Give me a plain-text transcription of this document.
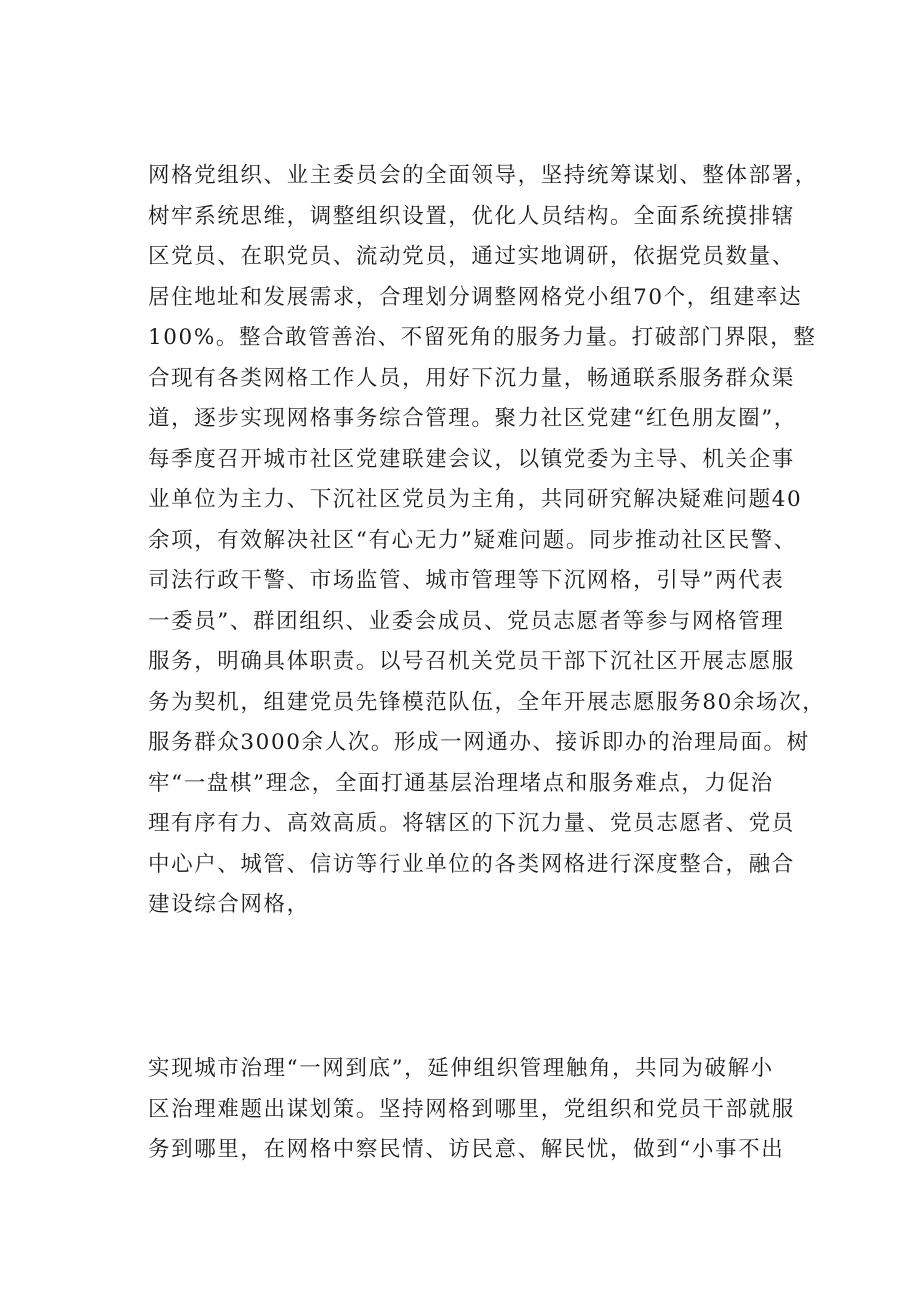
网格党组织、业主委员会的全面领导，坚持统筹谋划、整体部署，
树牢系统思维，调整组织设置，优化人员结构。全面系统摸排辖
区党员、在职党员、流动党员，通过实地调研，依据党员数量、
居住地址和发展需求，合理划分调整网格党小组70个，组建率达
100%。整合敢管善治、不留死角的服务力量。打破部门界限，整
合现有各类网格工作人员，用好下沉力量，畅通联系服务群众渠
道，逐步实现网格事务综合管理。聚力社区党建“红色朋友圈”，
每季度召开城市社区党建联建会议，以镇党委为主导、机关企事
业单位为主力、下沉社区党员为主角，共同研究解决疑难问题40
余项，有效解决社区“有心无力”疑难问题。同步推动社区民警、
司法行政干警、市场监管、城市管理等下沉网格，引导”两代表
一委员”、群团组织、业委会成员、党员志愿者等参与网格管理
服务，明确具体职责。以号召机关党员干部下沉社区开展志愿服
务为契机，组建党员先锋模范队伍，全年开展志愿服务80余场次，
服务群众3000余人次。形成一网通办、接诉即办的治理局面。树
牢“一盘棋”理念，全面打通基层治理堵点和服务难点，力促治
理有序有力、高效高质。将辖区的下沉力量、党员志愿者、党员
中心户、城管、信访等行业单位的各类网格进行深度整合，融合
建设综合网格，
实现城市治理“一网到底”，延伸组织管理触角，共同为破解小
区治理难题出谋划策。坚持网格到哪里，党组织和党员干部就服
务到哪里，在网格中察民情、访民意、解民忧，做到“小事不出
